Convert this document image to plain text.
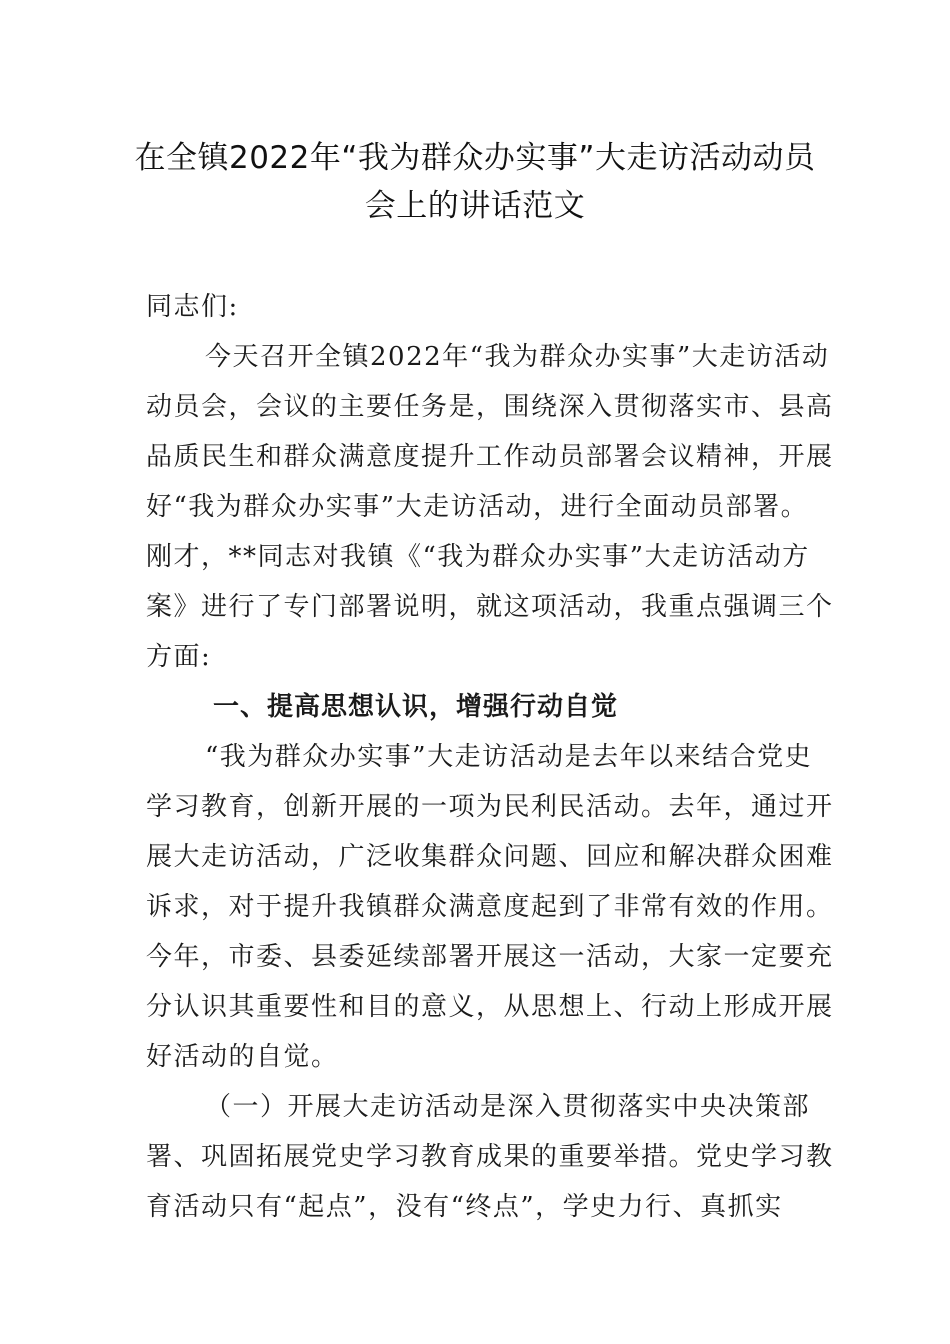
在全镇2022年“我为群众办实事”大走访活动动员
会上的讲话范文
同志们:
今天召开全镇2022年“我为群众办实事”大走访活动
动员会，会议的主要任务是，围绕深入贯彻落实市、县高
品质民生和群众满意度提升工作动员部署会议精神，开展
好“我为群众办实事”大走访活动，进行全面动员部署。
刚才，**同志对我镇《“我为群众办实事”大走访活动方
案》进行了专门部署说明，就这项活动，我重点强调三个
方面:
一、提高思想认识，增强行动自觉
“我为群众办实事”大走访活动是去年以来结合党史
学习教育，创新开展的一项为民利民活动。去年，通过开
展大走访活动，广泛收集群众问题、回应和解决群众困难
诉求，对于提升我镇群众满意度起到了非常有效的作用。
今年，市委、县委延续部署开展这一活动，大家一定要充
分认识其重要性和目的意义，从思想上、行动上形成开展
好活动的自觉。
（一）开展大走访活动是深入贯彻落实中央决策部
署、巩固拓展党史学习教育成果的重要举措。党史学习教
育活动只有“起点”，没有“终点”，学史力行、真抓实
